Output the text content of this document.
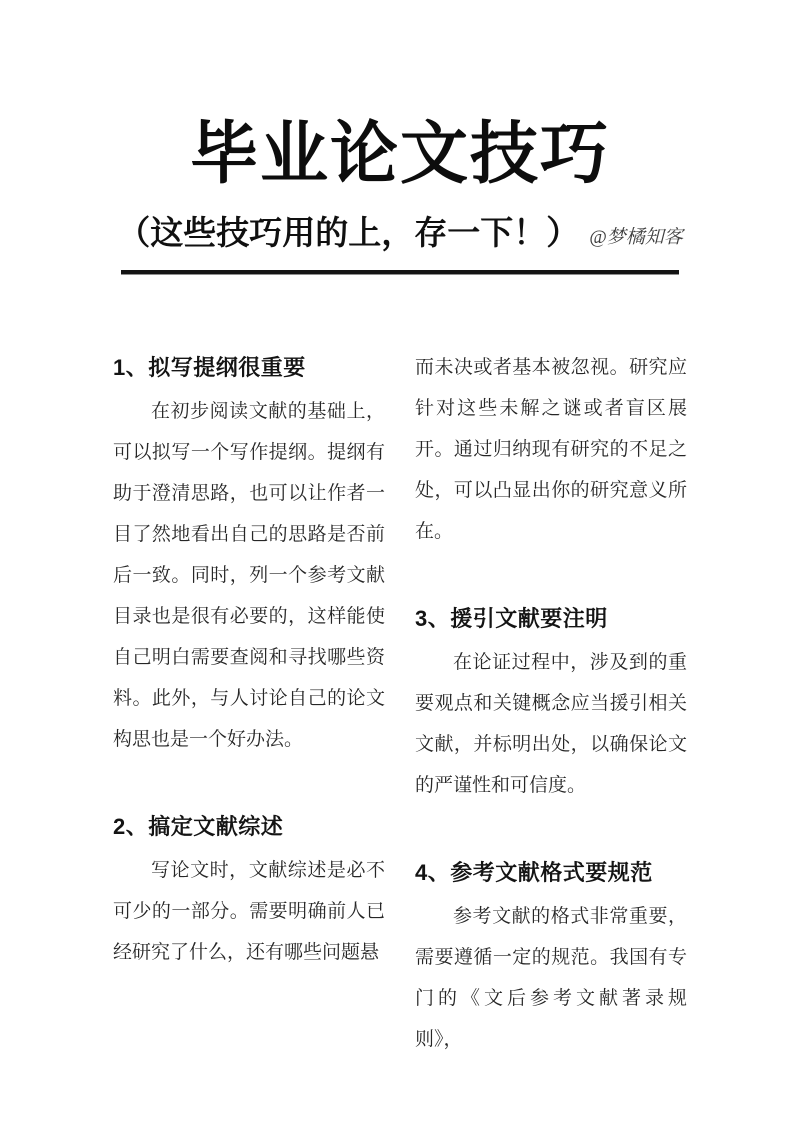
毕业论文技巧
（这些技巧用的上，存一下！） @梦橘知客
1、拟写提纲很重要

在初步阅读文献的基础上，可以拟写一个写作提纲。提纲有助于澄清思路，也可以让作者一目了然地看出自己的思路是否前后一致。同时，列一个参考文献目录也是很有必要的，这样能使自己明白需要查阅和寻找哪些资料。此外，与人讨论自己的论文构思也是一个好办法。

2、搞定文献综述

写论文时，文献综述是必不可少的一部分。需要明确前人已经研究了什么，还有哪些问题悬

而未决或者基本被忽视。研究应针对这些未解之谜或者盲区展开。通过归纳现有研究的不足之处，可以凸显出你的研究意义所在。

3、援引文献要注明

在论证过程中，涉及到的重要观点和关键概念应当援引相关文献，并标明出处，以确保论文的严谨性和可信度。

4、参考文献格式要规范

参考文献的格式非常重要，需要遵循一定的规范。我国有专门的《文后参考文献著录规则》，
